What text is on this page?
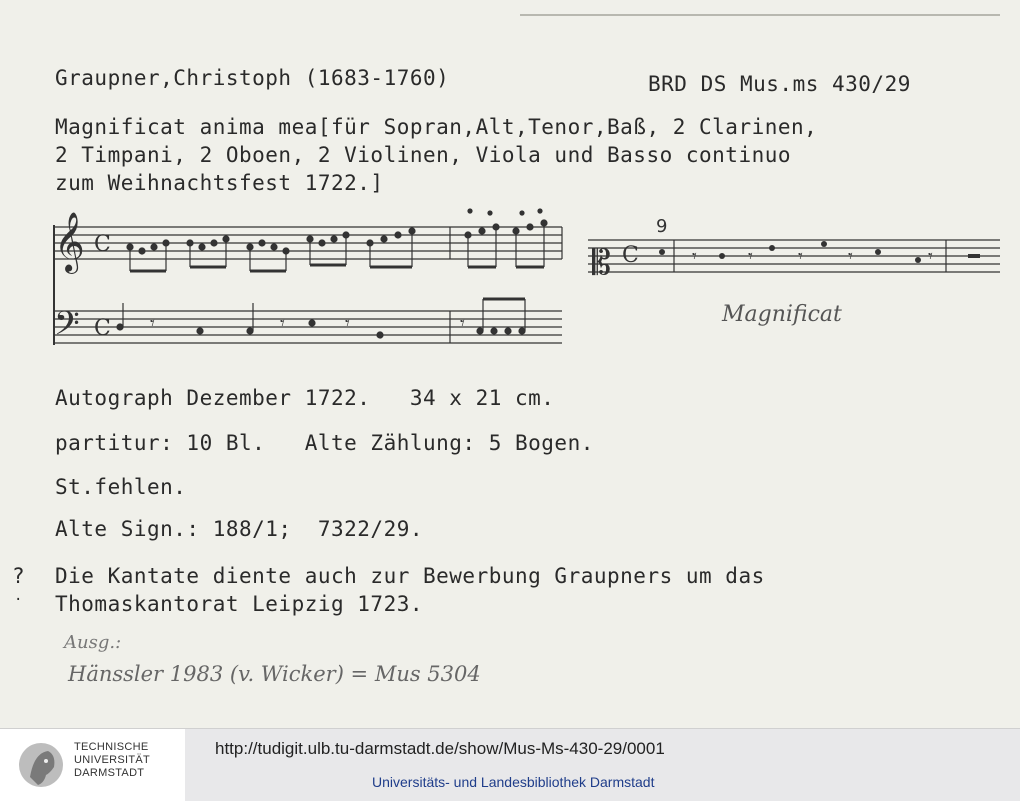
Graupner,Christoph (1683-1760)	BRD DS Mus.ms 430/29
Magnificat anima mea[für Sopran,Alt,Tenor,Baß, 2 Clarinen,
2 Timpani, 2 Oboen, 2 Violinen, Viola und Basso continuo
zum Weihnachtsfest 1722.]
𝄞
𝄢
C
C 𝄾	𝄾	𝄾	𝄾
𝄡 C
9
𝄾	𝄾	𝄾	𝄾	𝄾
Magnificat
Autograph Dezember 1722.   34 x 21 cm.
partitur: 10 Bl.   Alte Zählung: 5 Bogen.
St.fehlen.
Alte Sign.: 188/1;  7322/29.
?
·
Die Kantate diente auch zur Bewerbung Graupners um das
Thomaskantorat Leipzig 1723.
Ausg.:
Hänssler 1983 (v. Wicker) = Mus 5304
TECHNISCHE
UNIVERSITÄT
DARMSTADT
http://tudigit.ulb.tu-darmstadt.de/show/Mus-Ms-430-29/0001
Universitäts- und Landesbibliothek Darmstadt
